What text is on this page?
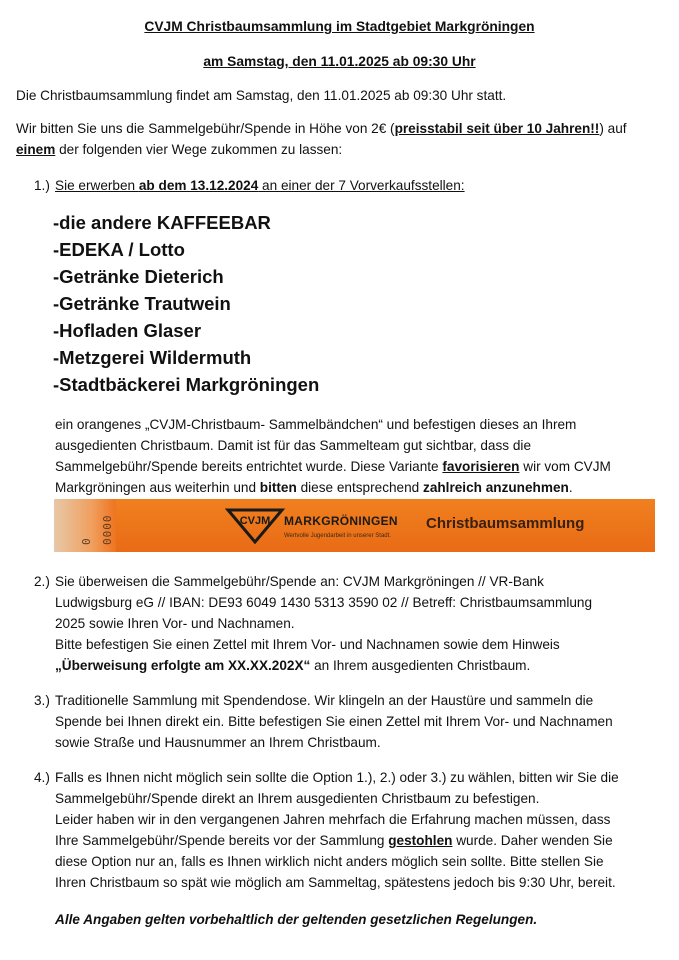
CVJM Christbaumsammlung im Stadtgebiet Markgröningen
am Samstag, den 11.01.2025 ab 09:30 Uhr
Die Christbaumsammlung findet am Samstag, den 11.01.2025 ab 09:30 Uhr statt.
Wir bitten Sie uns die Sammelgebühr/Spende in Höhe von 2€ (preisstabil seit über 10 Jahren!!) auf
einem der folgenden vier Wege zukommen zu lassen:
1.) Sie erwerben ab dem 13.12.2024 an einer der 7 Vorverkaufsstellen:
-die andere KAFFEEBAR
-EDEKA / Lotto
-Getränke Dieterich
-Getränke Trautwein
-Hofladen Glaser
-Metzgerei Wildermuth
-Stadtbäckerei Markgröningen
ein orangenes „CVJM-Christbaum- Sammelbändchen“ und befestigen dieses an Ihrem
ausgedienten Christbaum. Damit ist für das Sammelteam gut sichtbar, dass die
Sammelgebühr/Spende bereits entrichtet wurde. Diese Variante favorisieren wir vom CVJM
Markgröningen aus weiterhin und bitten diese entsprechend zahlreich anzunehmen.
0 0000	CVJM MARKGRÖNINGEN
Wertvolle Jugendarbeit in unserer Stadt.
Christbaumsammlung
2.) Sie überweisen die Sammelgebühr/Spende an: CVJM Markgröningen // VR-Bank
Ludwigsburg eG // IBAN: DE93 6049 1430 5313 3590 02 // Betreff: Christbaumsammlung
2025 sowie Ihren Vor- und Nachnamen.
Bitte befestigen Sie einen Zettel mit Ihrem Vor- und Nachnamen sowie dem Hinweis
„Überweisung erfolgte am XX.XX.202X“ an Ihrem ausgedienten Christbaum.
3.) Traditionelle Sammlung mit Spendendose. Wir klingeln an der Haustüre und sammeln die
Spende bei Ihnen direkt ein. Bitte befestigen Sie einen Zettel mit Ihrem Vor- und Nachnamen
sowie Straße und Hausnummer an Ihrem Christbaum.
4.) Falls es Ihnen nicht möglich sein sollte die Option 1.), 2.) oder 3.) zu wählen, bitten wir Sie die
Sammelgebühr/Spende direkt an Ihrem ausgedienten Christbaum zu befestigen.
Leider haben wir in den vergangenen Jahren mehrfach die Erfahrung machen müssen, dass
Ihre Sammelgebühr/Spende bereits vor der Sammlung gestohlen wurde. Daher wenden Sie
diese Option nur an, falls es Ihnen wirklich nicht anders möglich sein sollte. Bitte stellen Sie
Ihren Christbaum so spät wie möglich am Sammeltag, spätestens jedoch bis 9:30 Uhr, bereit.
Alle Angaben gelten vorbehaltlich der geltenden gesetzlichen Regelungen.
